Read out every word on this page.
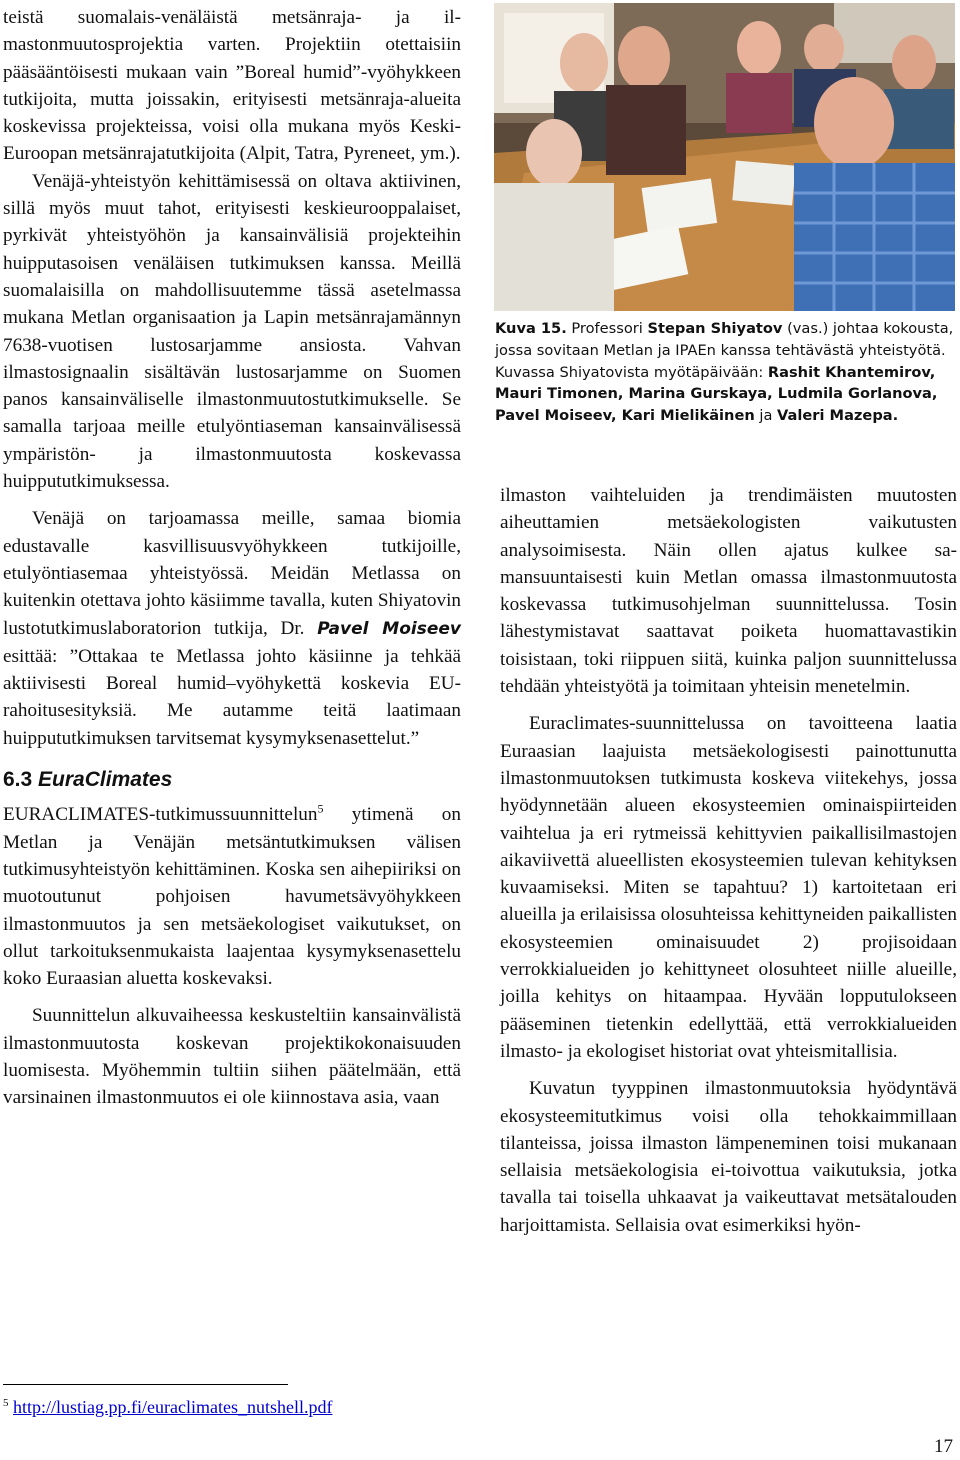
teistä suomalais-venäläistä metsänraja- ja ilmastonmuutosprojektia varten. Projektiin otettaisiin pääsääntöisesti mukaan vain ”Boreal humid”-vyöhykkeen tutkijoita, mutta joissakin, erityisesti metsänraja-alueita koskevissa projekteissa, voisi olla mukana myös Keski-Euroopan metsänrajatutkijoita (Alpit, Tatra, Pyreneet, ym.).

Venäjä-yhteistyön kehittämisessä on oltava aktiivinen, sillä myös muut tahot, erityisesti keskieurooppalaiset, pyrkivät yhteistyöhön ja kansainvälisiä projekteihin huipputasoisen venäläisen tutkimuksen kanssa. Meillä suomalaisilla on mahdollisuutemme tässä asetelmassa mukana Metlan organisaation ja Lapin metsänrajamännyn 7638-vuotisen lustosarjamme ansiosta. Vahvan ilmastosignaalin sisältävän lustosarjamme on Suomen panos kansainväliselle ilmastonmuutostutkimukselle. Se samalla tarjoaa meille etulyöntiaseman kansainvälisessä ympäristön- ja ilmastonmuutosta koskevassa huippututkimuksessa.

Venäjä on tarjoamassa meille, samaa biomia edustavalle kasvillisuusvyöhykkeen tutkijoille, etulyöntiasemaa yhteistyössä. Meidän Metlassa on kuitenkin otettava johto käsiimme tavalla, kuten Shiyatovin lustotutkimuslaboratorion tutkija, Dr. Pavel Moiseev esittää: ”Ottakaa te Metlassa johto käsiinne ja tehkää aktiivisesti Boreal humid–vyöhykettä koskevia EU-rahoitusesityksiä. Me autamme teitä laatimaan huippututkimuksen tarvitsemat kysymyksenasettelut.”

6.3 EuraClimates

EURACLIMATES-tutkimussuunnittelun$^5$ ytimenä on Metlan ja Venäjän metsäntutkimuksen välisen tutkimusyhteistyön kehittäminen. Koska sen aihepiiriksi on muotoutunut pohjoisen havumetsävyöhykkeen ilmastonmuutos ja sen metsäekologiset vaikutukset, on ollut tarkoituksenmukaista laajentaa kysymyksenasettelu koko Euraasian aluetta koskevaksi.

Suunnittelun alkuvaiheessa keskusteltiin kansainvälistä ilmastonmuutosta koskevan projektikokonaisuuden luomisesta. Myöhemmin tultiin siihen päätelmään, että varsinainen ilmastonmuutos ei ole kiinnostava asia, vaan

$^5$ http://lustiag.pp.fi/euraclimates_nutshell.pdf
Kuva 15. Professori Stepan Shiyatov (vas.) johtaa kokousta, jossa sovitaan Metlan ja IPAEn kanssa tehtävästä yhteistyötä. Kuvassa Shiyatovista myötäpäivään: Rashit Khantemirov, Mauri Timonen, Marina Gurskaya, Ludmila Gorlanova, Pavel Moiseev, Kari Mielikäinen ja Valeri Mazepa.

ilmaston vaihteluiden ja trendimäisten muutosten aiheuttamien metsäekologisten vaikutusten analysoimisesta. Näin ollen ajatus kulkee samansuuntaisesti kuin Metlan omassa ilmastonmuutosta koskevassa tutkimusohjelman suunnittelussa. Tosin lähestymistavat saattavat poiketa huomattavastikin toisistaan, toki riippuen siitä, kuinka paljon suunnittelussa tehdään yhteistyötä ja toimitaan yhteisin menetelmin.

Euraclimates-suunnittelussa on tavoitteena laatia Euraasian laajuista metsäekologisesti painottunutta ilmastonmuutoksen tutkimusta koskeva viitekehys, jossa hyödynnetään alueen ekosysteemien ominaispiirteiden vaihtelua ja eri rytmeissä kehittyvien paikallisilmastojen aikaviivettä alueellisten ekosysteemien tulevan kehityksen kuvaamiseksi. Miten se tapahtuu? 1) kartoitetaan eri alueilla ja erilaisissa olosuhteissa kehittyneiden paikallisten ekosysteemien ominaisuudet 2) projisoidaan verrokkialueiden jo kehittyneet olosuhteet niille alueille, joilla kehitys on hitaampaa. Hyvään lopputulokseen pääseminen tietenkin edellyttää, että verrokkialueiden ilmasto- ja ekologiset historiat ovat yhteismitallisia.

Kuvatun tyyppinen ilmastonmuutoksia hyödyntävä ekosysteemitutkimus voisi olla tehokkaimmillaan tilanteissa, joissa ilmaston lämpeneminen toisi mukanaan sellaisia metsäekologisia ei-toivottua vaikutuksia, jotka tavalla tai toisella uhkaavat ja vaikeuttavat metsätalouden harjoittamista. Sellaisia ovat esimerkiksi hyön-

17
